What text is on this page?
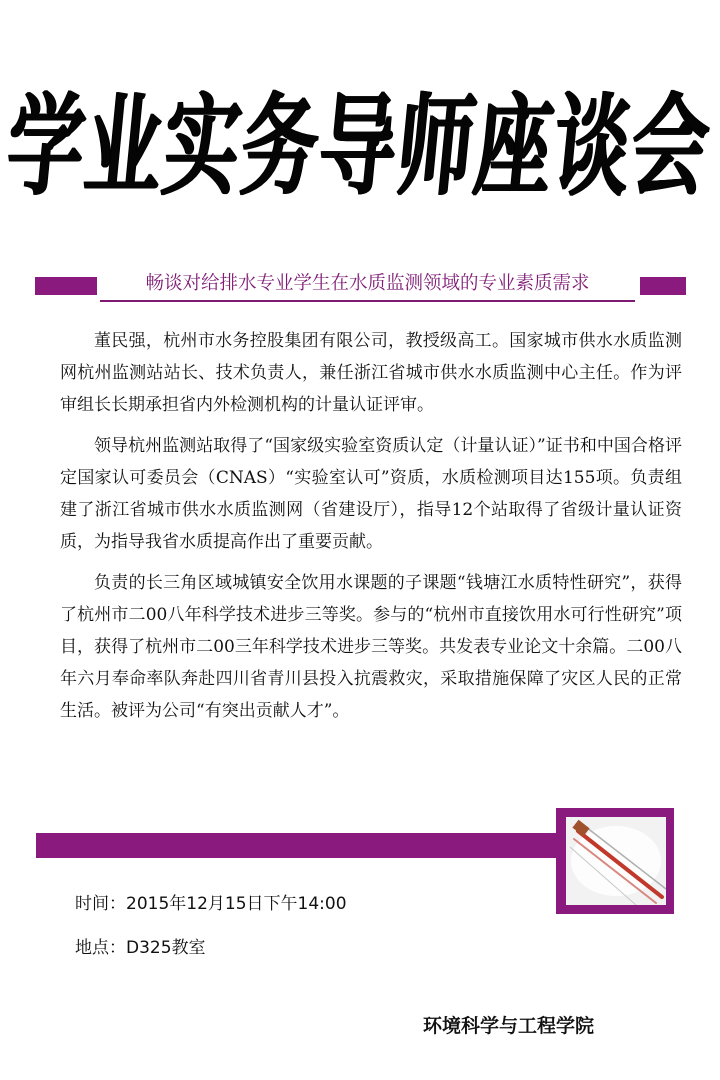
学业实务导师座谈会
畅谈对给排水专业学生在水质监测领域的专业素质需求

董民强，杭州市水务控股集团有限公司，教授级高工。国家城市供水水质监测网杭州监测站站长、技术负责人，兼任浙江省城市供水水质监测中心主任。作为评审组长长期承担省内外检测机构的计量认证评审。

领导杭州监测站取得了“国家级实验室资质认定（计量认证）”证书和中国合格评定国家认可委员会（CNAS）“实验室认可”资质，水质检测项目达155项。负责组建了浙江省城市供水水质监测网（省建设厅），指导12个站取得了省级计量认证资质，为指导我省水质提高作出了重要贡献。

负责的长三角区域城镇安全饮用水课题的子课题“钱塘江水质特性研究”，获得了杭州市二00八年科学技术进步三等奖。参与的“杭州市直接饮用水可行性研究”项目，获得了杭州市二00三年科学技术进步三等奖。共发表专业论文十余篇。二00八年六月奉命率队奔赴四川省青川县投入抗震救灾，采取措施保障了灾区人民的正常生活。被评为公司“有突出贡献人才”。

时间：2015年12月15日下午14:00
地点：D325教室
环境科学与工程学院
